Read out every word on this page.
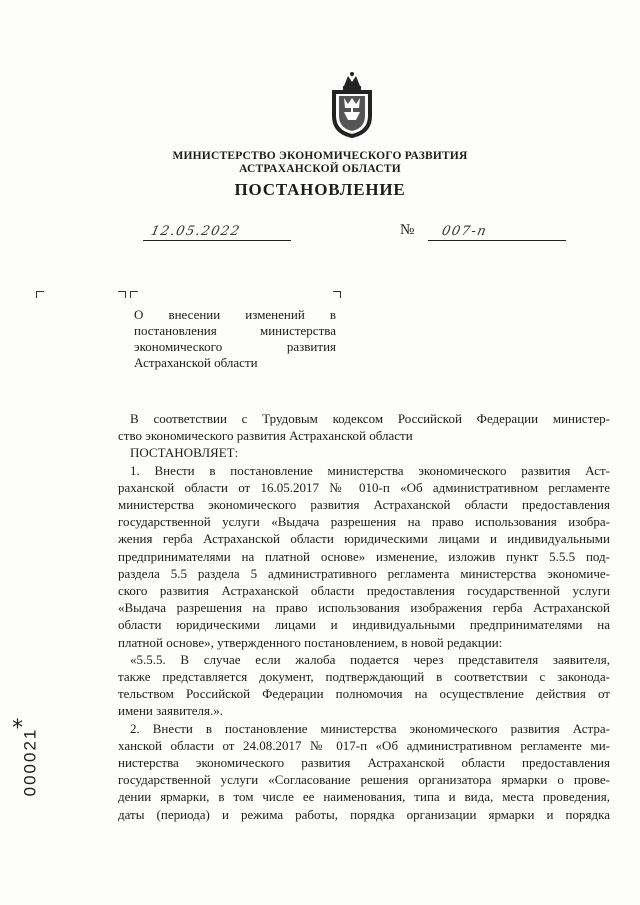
МИНИСТЕРСТВО ЭКОНОМИЧЕСКОГО РАЗВИТИЯ
АСТРАХАНСКОЙ ОБЛАСТИ
ПОСТАНОВЛЕНИЕ
12.05.2022	№ 007-п
О внесении изменений в
постановления министерства
экономического развития
Астраханской области

В соответствии с Трудовым кодексом Российской Федерации министер-

ство экономического развития Астраханской области

ПОСТАНОВЛЯЕТ:

1. Внести в постановление министерства экономического развития Аст-

раханской области от 16.05.2017 № 010-п «Об административном регламенте

министерства экономического развития Астраханской области предоставления

государственной услуги «Выдача разрешения на право использования изобра-

жения герба Астраханской области юридическими лицами и индивидуальными

предпринимателями на платной основе» изменение, изложив пункт 5.5.5 под-

раздела 5.5 раздела 5 административного регламента министерства экономиче-

ского развития Астраханской области предоставления государственной услуги

«Выдача разрешения на право использования изображения герба Астраханской

области юридическими лицами и индивидуальными предпринимателями на

платной основе», утвержденного постановлением, в новой редакции:

«5.5.5. В случае если жалоба подается через представителя заявителя,

также представляется документ, подтверждающий в соответствии с законода-

тельством Российской Федерации полномочия на осуществление действия от

имени заявителя.».

2. Внести в постановление министерства экономического развития Астра-

ханской области от 24.08.2017 № 017-п «Об административном регламенте ми-

нистерства экономического развития Астраханской области предоставления

государственной услуги «Согласование решения организатора ярмарки о прове-

дении ярмарки, в том числе ее наименования, типа и вида, места проведения,

даты (периода) и режима работы, порядка организации ярмарки и порядка

*
000021
